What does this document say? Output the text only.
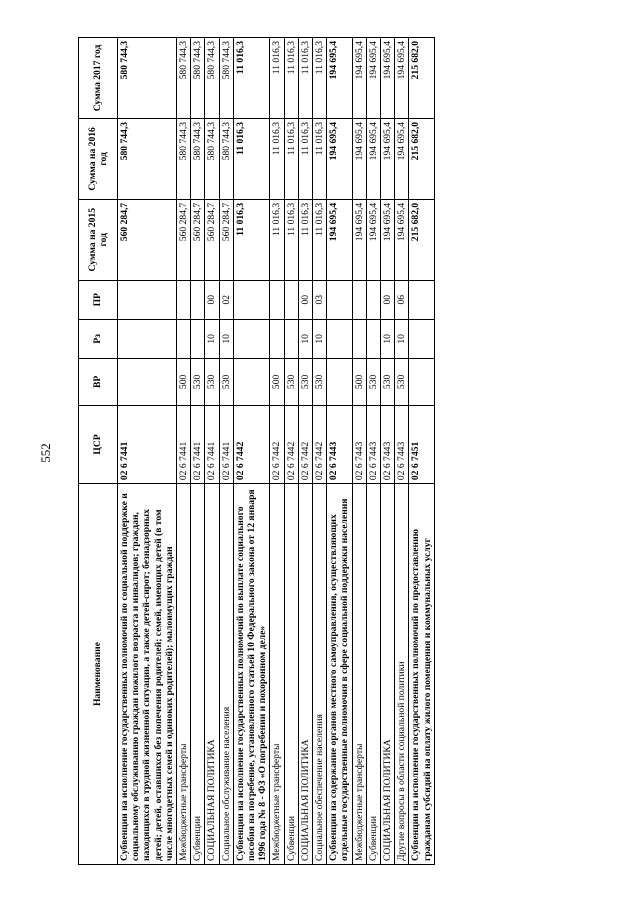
552
Наименование	ЦСР	ВР	Рз	ПР	Сумма на 2015 год	Сумма на 2016 год	Сумма 2017 год
Субвенции на исполнение государственных полномочий по социальной поддержке и социальному обслуживанию граждан пожилого возраста и инвалидов; граждан, находящихся в трудной жизненной ситуации, а также детей-сирот; безнадзорных детей; детей, оставшихся без попечения родителей; семей, имеющих детей (в том числе многодетных семей и одиноких родителей); малоимущих граждан	02 6 7441				560 284,7	580 744,3	580 744,3
Межбюджетные трансферты	02 6 7441	500			560 284,7	580 744,3	580 744,3
Субвенции	02 6 7441	530			560 284,7	580 744,3	580 744,3
СОЦИАЛЬНАЯ ПОЛИТИКА	02 6 7441	530	10	00	560 284,7	580 744,3	580 744,3
Социальное обслуживание населения	02 6 7441	530	10	02	560 284,7	580 744,3	580 744,3
Субвенции на исполнение государственных полномочий по выплате социального пособия на погребение, установленного статьей 10 Федерального закона от 12 января 1996 года № 8 - ФЗ «О погребении и похоронном деле»	02 6 7442				11 016,3	11 016,3	11 016,3
Межбюджетные трансферты	02 6 7442	500			11 016,3	11 016,3	11 016,3
Субвенции	02 6 7442	530			11 016,3	11 016,3	11 016,3
СОЦИАЛЬНАЯ ПОЛИТИКА	02 6 7442	530	10	00	11 016,3	11 016,3	11 016,3
Социальное обеспечение населения	02 6 7442	530	10	03	11 016,3	11 016,3	11 016,3
Субвенции на содержание органов местного самоуправления, осуществляющих отдельные государственные полномочия в сфере социальной поддержки населения	02 6 7443				194 695,4	194 695,4	194 695,4
Межбюджетные трансферты	02 6 7443	500			194 695,4	194 695,4	194 695,4
Субвенции	02 6 7443	530			194 695,4	194 695,4	194 695,4
СОЦИАЛЬНАЯ ПОЛИТИКА	02 6 7443	530	10	00	194 695,4	194 695,4	194 695,4
Другие вопросы в области социальной политики	02 6 7443	530	10	06	194 695,4	194 695,4	194 695,4
Субвенции на исполнение государственных полномочий по предоставлению гражданам субсидий на оплату жилого помещения и коммунальных услуг	02 6 7451				215 682,0	215 682,0	215 682,0
